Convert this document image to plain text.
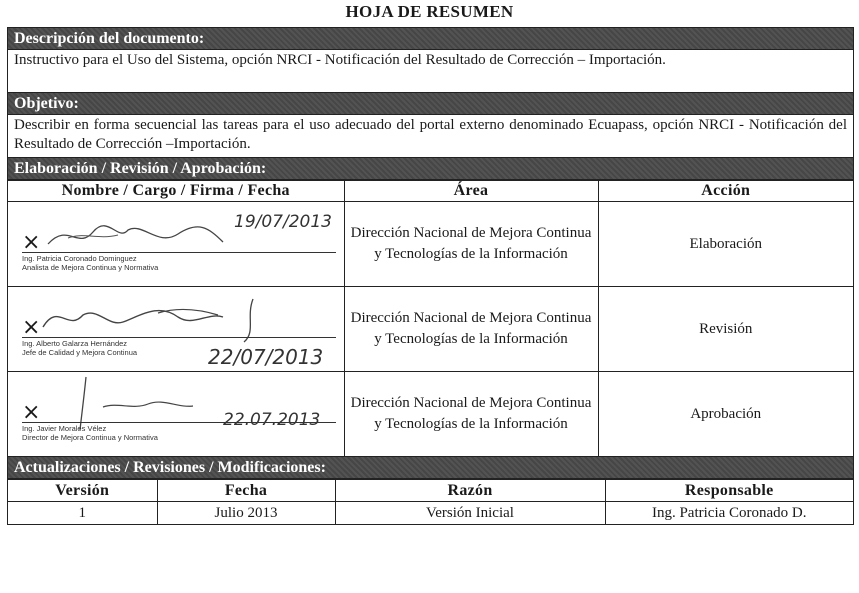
HOJA DE RESUMEN
Descripción del documento:
Instructivo para el Uso del Sistema, opción NRCI - Notificación del Resultado de Corrección – Importación.
Objetivo:
Describir en forma secuencial las tareas para el uso adecuado del portal externo denominado Ecuapass, opción NRCI - Notificación del Resultado de Corrección –Importación.
Elaboración / Revisión / Aprobación:
Nombre / Cargo / Firma / Fecha	Área	Acción

×
19/07/2013
Ing. Patricia Coronado Dominguez
Analista de Mejora Continua y Normativa	Dirección Nacional de Mejora Continua y Tecnologías de la Información	Elaboración

×
Ing. Alberto Galarza Hernández
Jefe de Calidad y Mejora Continua 22/07/2013	Dirección Nacional de Mejora Continua y Tecnologías de la Información	Revisión

×
Ing. Javier Morales Vélez
Director de Mejora Continua y Normativa
22.07.2013	Dirección Nacional de Mejora Continua y Tecnologías de la Información	Aprobación
Actualizaciones / Revisiones / Modificaciones:
Versión	Fecha	Razón	Responsable
1	Julio 2013	Versión Inicial	Ing. Patricia Coronado D.
